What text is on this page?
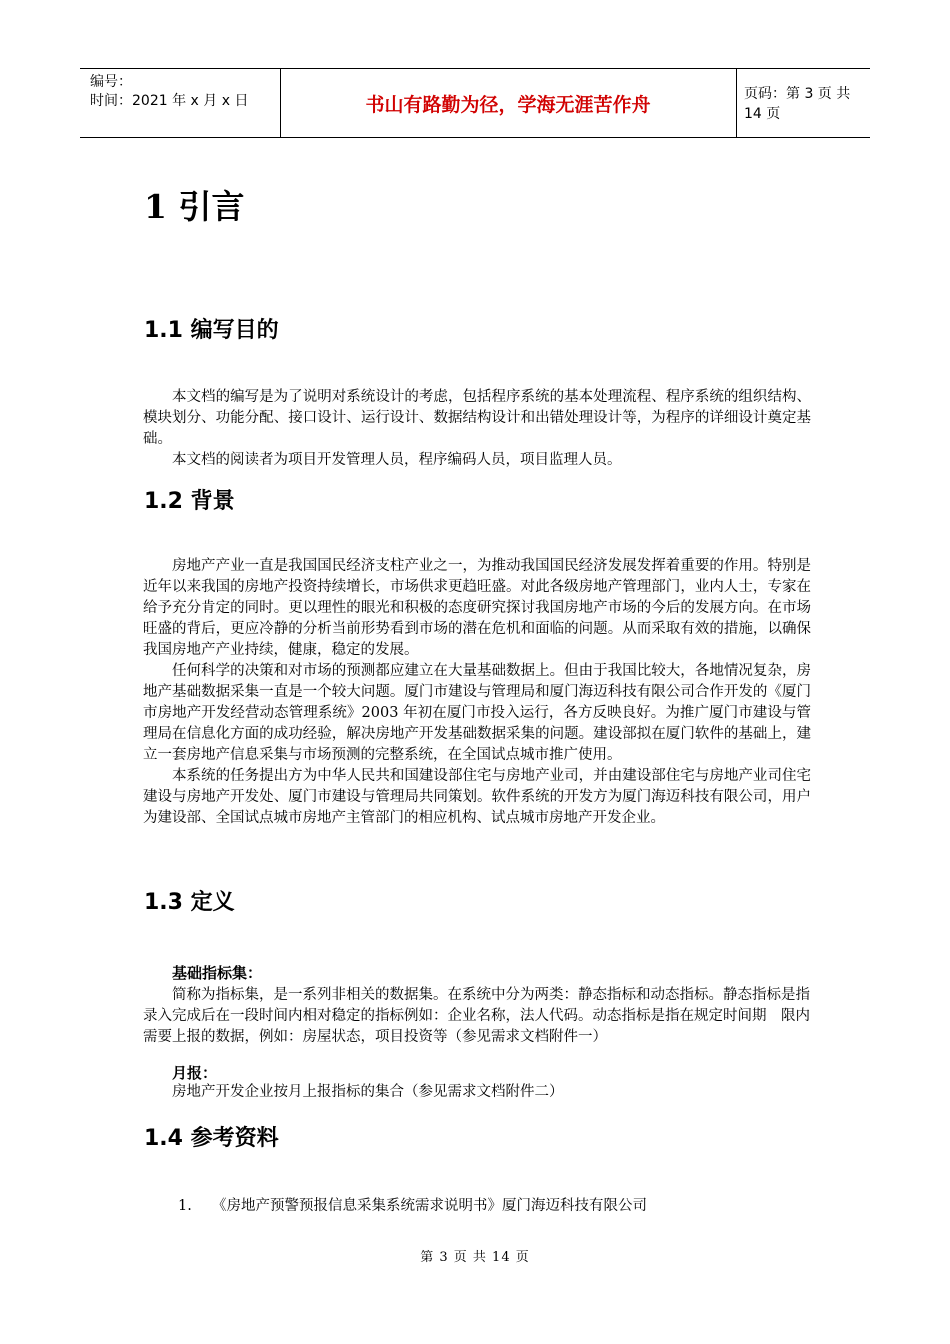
编号：
时间：2021 年 x 月 x 日	书山有路勤为径，学海无涯苦作舟	页码：第 3 页 共 14 页
1 引言
1.1 编写目的

本文档的编写是为了说明对系统设计的考虑，包括程序系统的基本处理流程、程序系统的组织结构、模块划分、功能分配、接口设计、运行设计、数据结构设计和出错处理设计等，为程序的详细设计奠定基础。

本文档的阅读者为项目开发管理人员，程序编码人员，项目监理人员。

1.2 背景

房地产产业一直是我国国民经济支柱产业之一，为推动我国国民经济发展发挥着重要的作用。特别是近年以来我国的房地产投资持续增长，市场供求更趋旺盛。对此各级房地产管理部门，业内人士，专家在给予充分肯定的同时。更以理性的眼光和积极的态度研究探讨我国房地产市场的今后的发展方向。在市场旺盛的背后，更应冷静的分析当前形势看到市场的潜在危机和面临的问题。从而采取有效的措施，以确保我国房地产产业持续，健康，稳定的发展。

任何科学的决策和对市场的预测都应建立在大量基础数据上。但由于我国比较大，各地情况复杂，房地产基础数据采集一直是一个较大问题。厦门市建设与管理局和厦门海迈科技有限公司合作开发的《厦门市房地产开发经营动态管理系统》2003 年初在厦门市投入运行，各方反映良好。为推广厦门市建设与管理局在信息化方面的成功经验，解决房地产开发基础数据采集的问题。建设部拟在厦门软件的基础上，建立一套房地产信息采集与市场预测的完整系统，在全国试点城市推广使用。

本系统的任务提出方为中华人民共和国建设部住宅与房地产业司，并由建设部住宅与房地产业司住宅建设与房地产开发处、厦门市建设与管理局共同策划。软件系统的开发方为厦门海迈科技有限公司，用户为建设部、全国试点城市房地产主管部门的相应机构、试点城市房地产开发企业。

1.3 定义
基础指标集：
简称为指标集，是一系列非相关的数据集。在系统中分为两类：静态指标和动态指标。静态指标是指录入完成后在一段时间内相对稳定的指标例如：企业名称，法人代码。动态指标是指在规定时间期　限内需要上报的数据，例如：房屋状态，项目投资等（参见需求文档附件一）
月报：
房地产开发企业按月上报指标的集合（参见需求文档附件二）
1.4 参考资料
1. 《房地产预警预报信息采集系统需求说明书》厦门海迈科技有限公司
第 3 页 共 14 页
